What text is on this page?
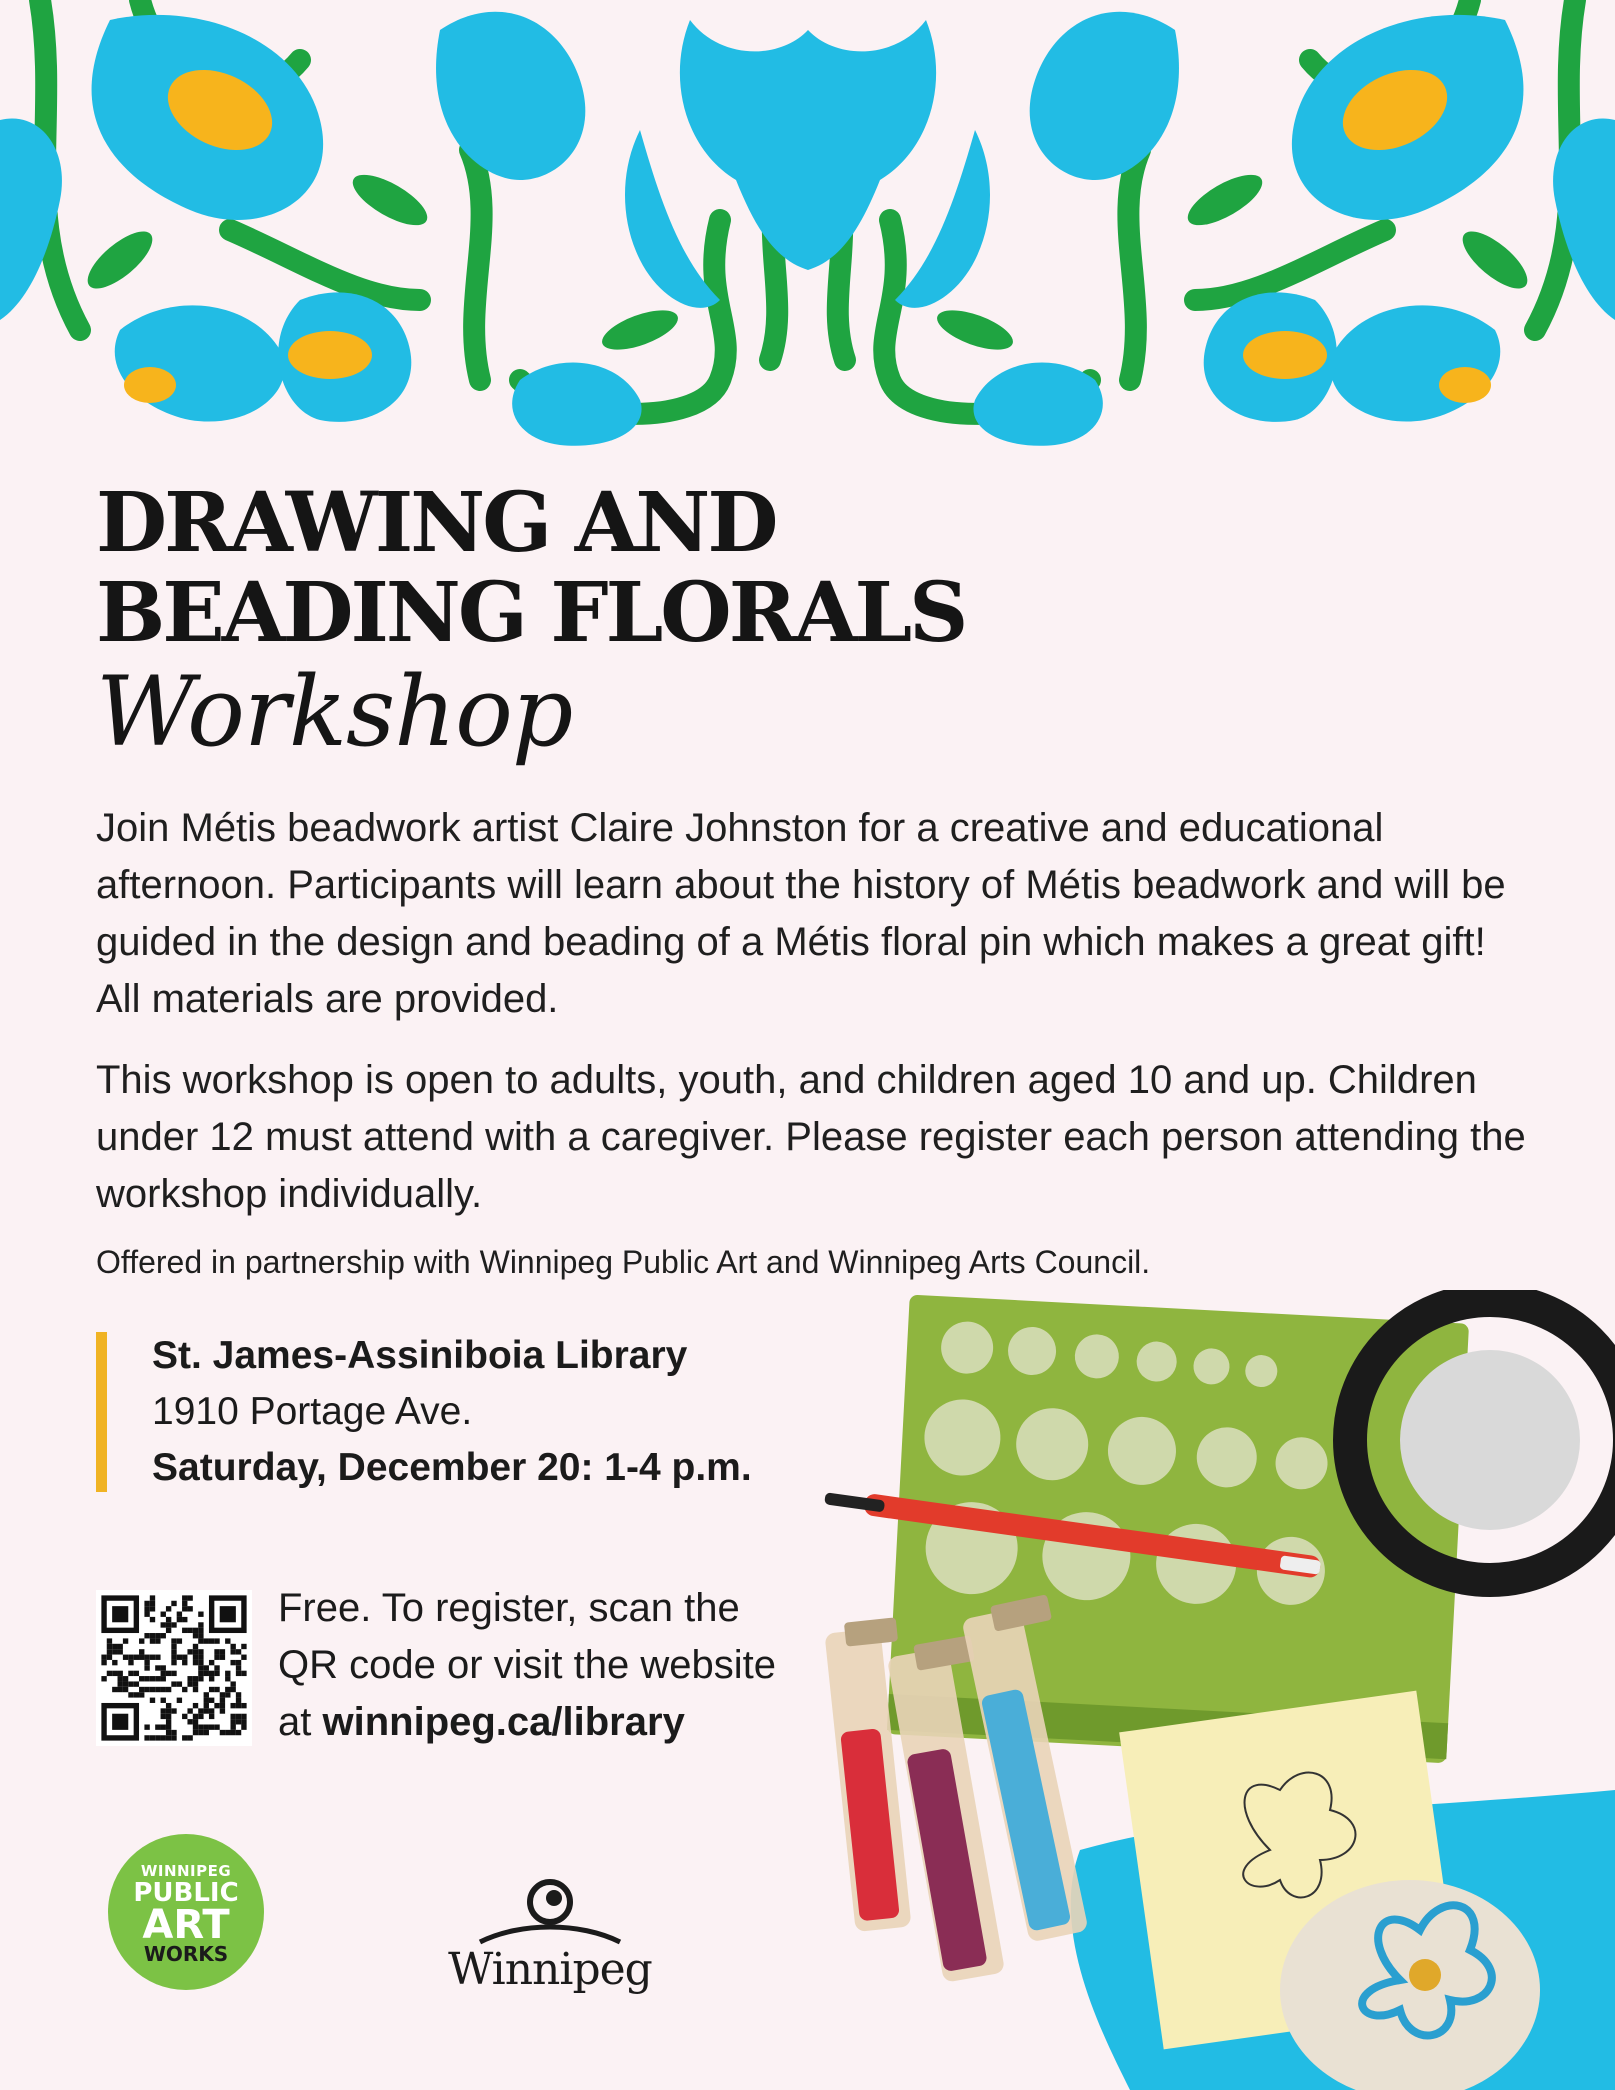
DRAWING AND
BEADING FLORALS
Workshop
Join Métis beadwork artist Claire Johnston for a creative and educational afternoon. Participants will learn about the history of Métis beadwork and will be guided in the design and beading of a Métis floral pin which makes a great gift! All materials are provided.
This workshop is open to adults, youth, and children aged 10 and up. Children under 12 must attend with a caregiver. Please register each person attending the workshop individually.
Offered in partnership with Winnipeg Public Art and Winnipeg Arts Council.
St. James-Assiniboia Library
1910 Portage Ave.
Saturday, December 20: 1-4 p.m.
Free. To register, scan the
QR code or visit the website
at winnipeg.ca/library
WINNIPEG
PUBLIC
ART
WORKS	Winnipeg
